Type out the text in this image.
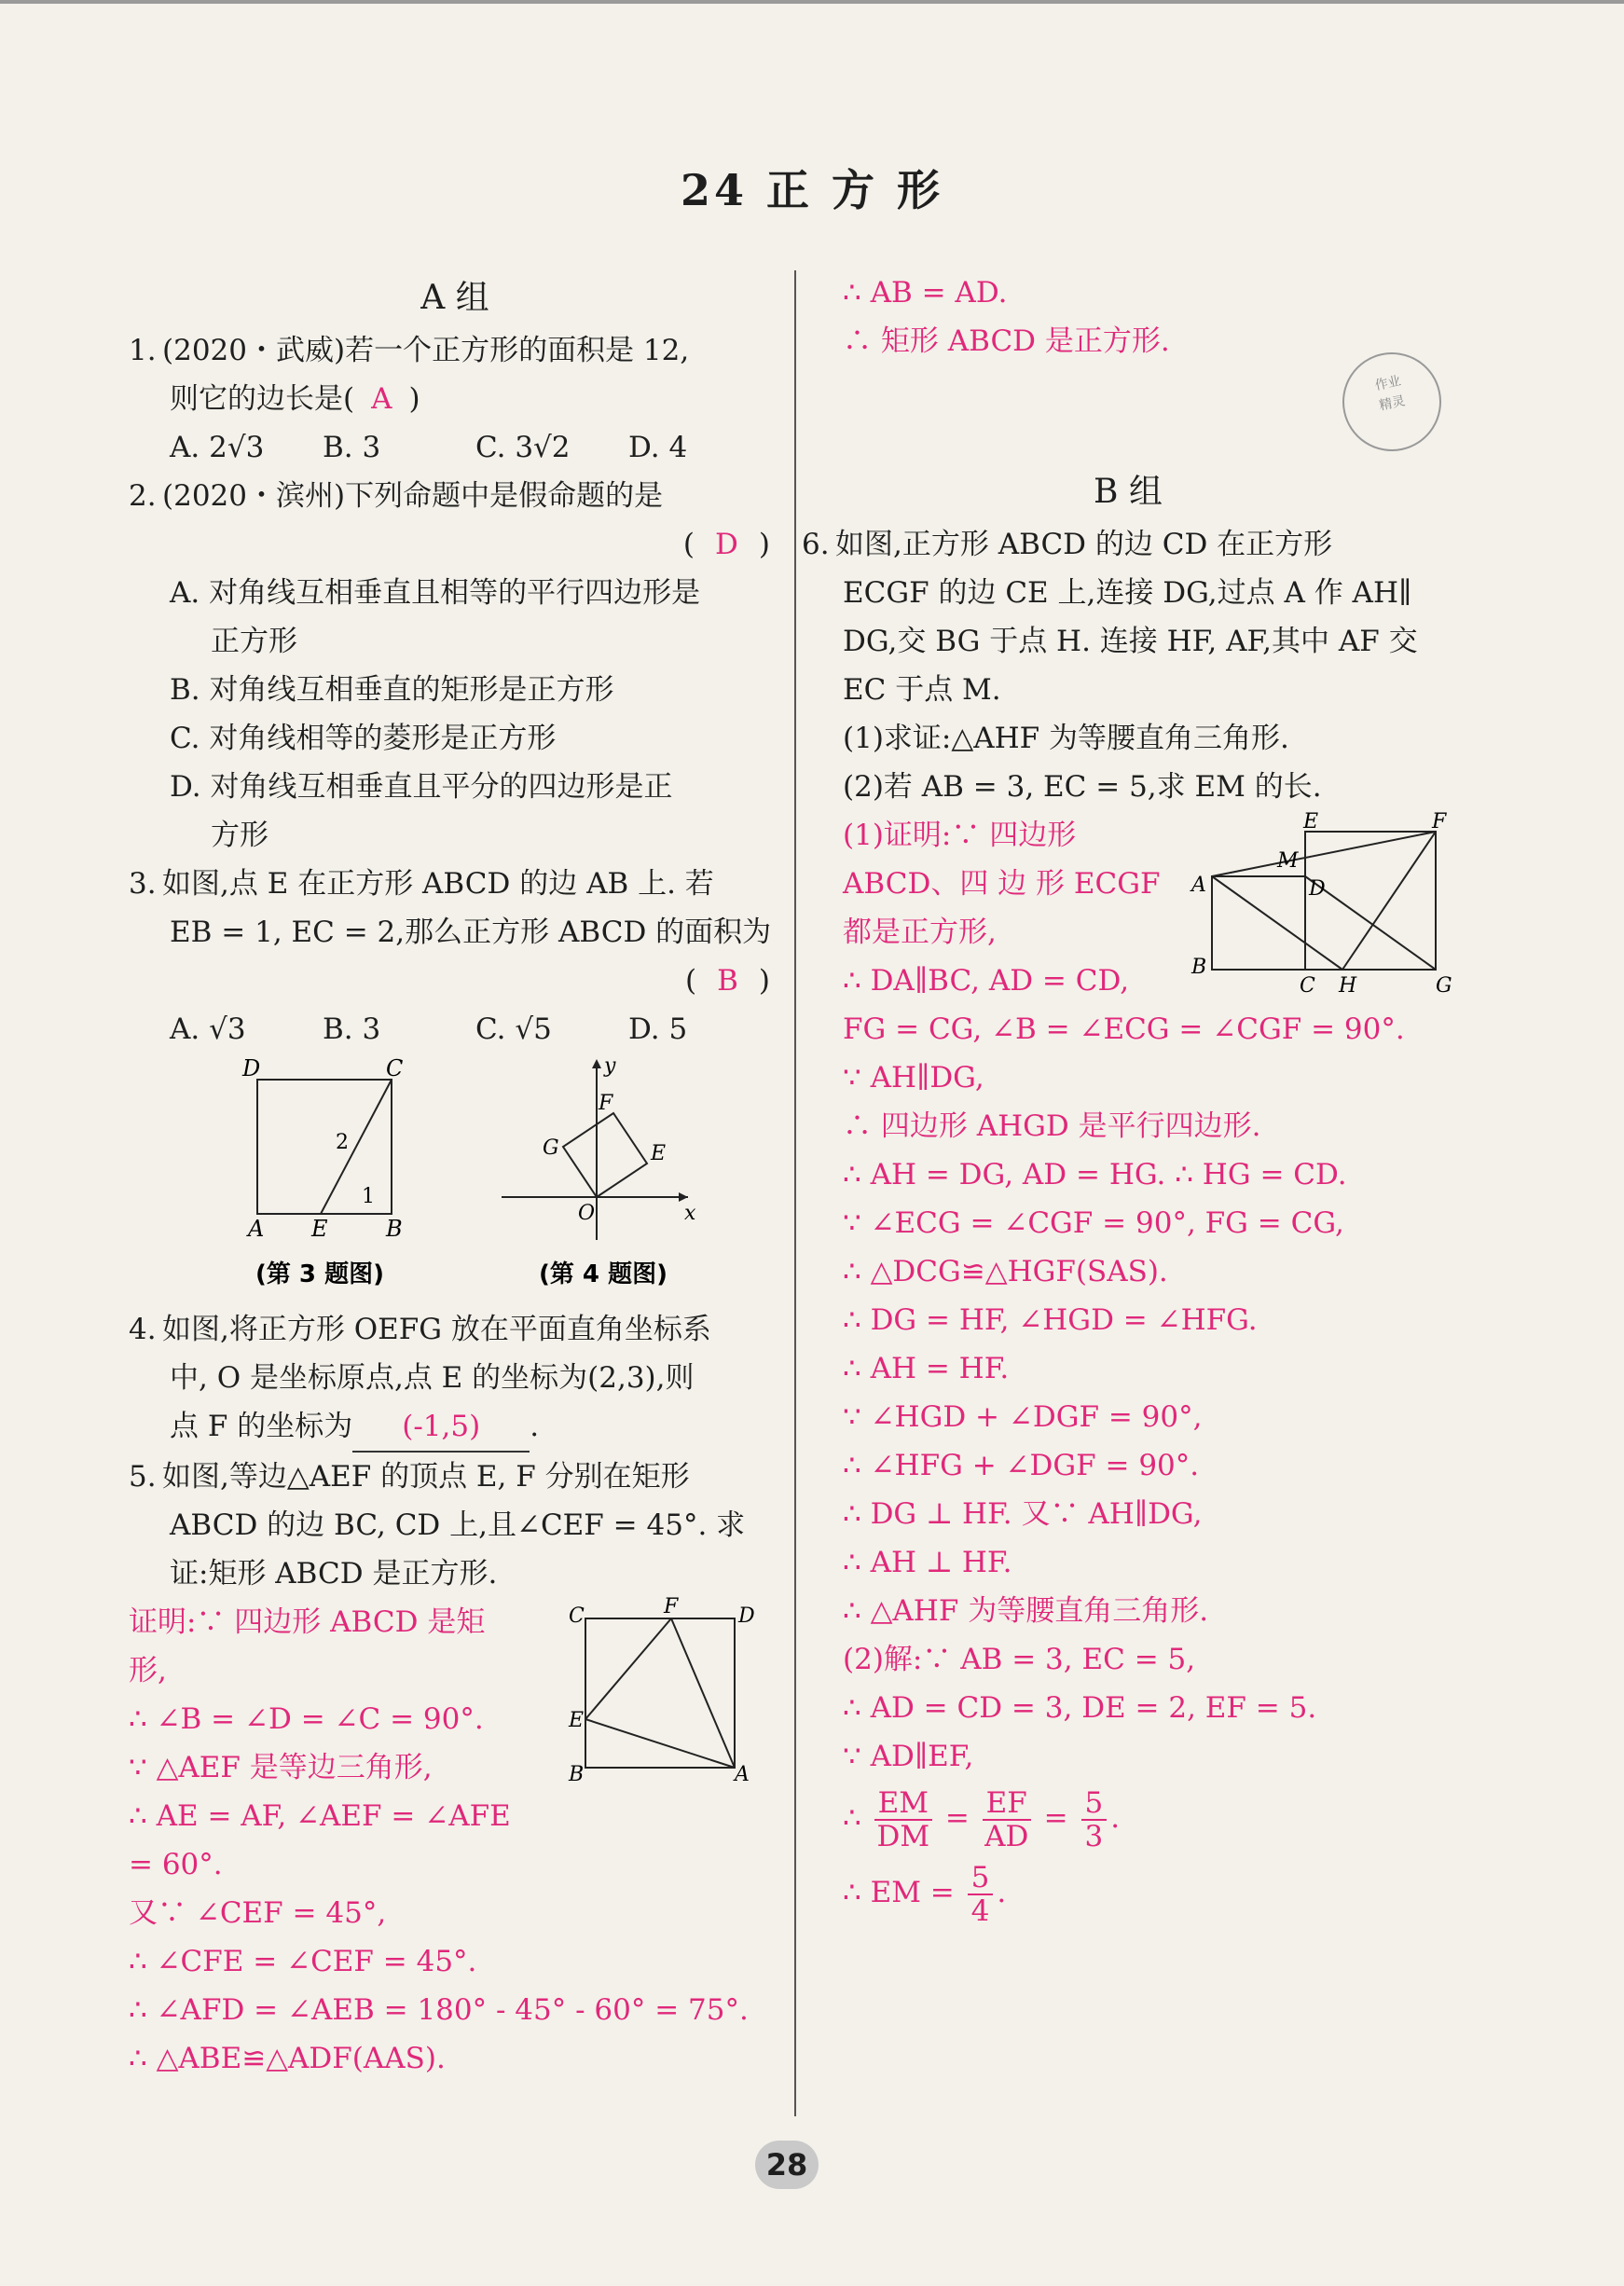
24 正 方 形
作业
精灵
A 组
1. (2020・武威)若一个正方形的面积是 12,
则它的边长是( A )
A. 2√3	B. 3	C. 3√2	D. 4
2. (2020・滨州)下列命题中是假命题的是
( D )
A. 对角线互相垂直且相等的平行四边形是
正方形
B. 对角线互相垂直的矩形是正方形
C. 对角线相等的菱形是正方形
D. 对角线互相垂直且平分的四边形是正
方形
3. 如图,点 E 在正方形 ABCD 的边 AB 上. 若
EB = 1, EC = 2,那么正方形 ABCD 的面积为
( B )
A. √3	B. 3	C. √5	D. 5
D	C
A E	B
2
1
(第 3 题图)
F
y
E
G
O	x
(第 4 题图)
4. 如图,将正方形 OEFG 放在平面直角坐标系
中, O 是坐标原点,点 E 的坐标为(2,3),则
点 F 的坐标为 (-1,5) .
5. 如图,等边△AEF 的顶点 E, F 分别在矩形
ABCD 的边 BC, CD 上,且∠CEF = 45°. 求
证:矩形 ABCD 是正方形.
C	F	D
E
B	A
证明:∵ 四边形 ABCD 是矩
形,
∴ ∠B = ∠D = ∠C = 90°.
∵ △AEF 是等边三角形,
∴ AE = AF, ∠AEF = ∠AFE
= 60°.
又∵ ∠CEF = 45°,
∴ ∠CFE = ∠CEF = 45°.
∴ ∠AFD = ∠AEB = 180° - 45° - 60° = 75°.
∴ △ABE≌△ADF(AAS).
∴ AB = AD.
∴ 矩形 ABCD 是正方形.
B 组
6. 如图,正方形 ABCD 的边 CD 在正方形
ECGF 的边 CE 上,连接 DG,过点 A 作 AH∥
DG,交 BG 于点 H. 连接 HF, AF,其中 AF 交
EC 于点 M.
(1)求证:△AHF 为等腰直角三角形.
(2)若 AB = 3, EC = 5,求 EM 的长.
E	F
M
A	D
B
C H	G
(1)证明:∵ 四边形
ABCD、四 边 形 ECGF
都是正方形,
∴ DA∥BC, AD = CD,
FG = CG, ∠B = ∠ECG = ∠CGF = 90°.
∵ AH∥DG,
∴ 四边形 AHGD 是平行四边形.
∴ AH = DG, AD = HG. ∴ HG = CD.
∵ ∠ECG = ∠CGF = 90°, FG = CG,
∴ △DCG≌△HGF(SAS).
∴ DG = HF, ∠HGD = ∠HFG.
∴ AH = HF.
∵ ∠HGD + ∠DGF = 90°,
∴ ∠HFG + ∠DGF = 90°.
∴ DG ⊥ HF. 又∵ AH∥DG,
∴ AH ⊥ HF.
∴ △AHF 为等腰直角三角形.
(2)解:∵ AB = 3, EC = 5,
∴ AD = CD = 3, DE = 2, EF = 5.
∵ AD∥EF,
∴ $\frac{EM}{DM} = \frac{EF}{AD} = \frac{5}{3}$ .
∴ EM = $\frac{5}{4}$ .
28
